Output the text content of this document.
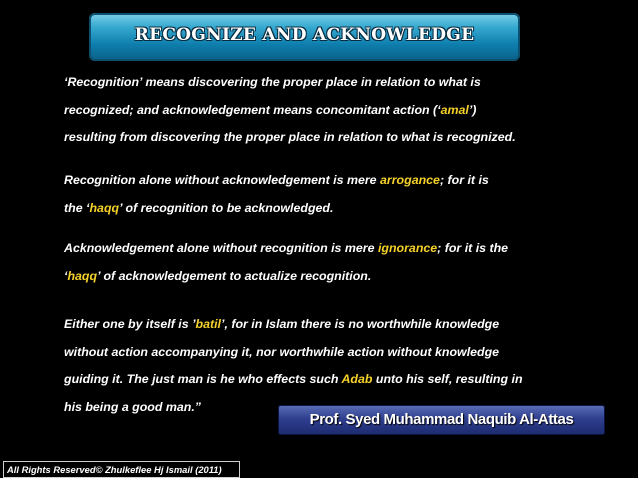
RECOGNIZE AND ACKNOWLEDGE
‘Recognition’ means discovering the proper place in relation to what is
recognized; and acknowledgement means concomitant action (‘amal’)
resulting from discovering the proper place in relation to what is recognized.
Recognition alone without acknowledgement is mere arrogance; for it is
the ‘haqq’ of recognition to be acknowledged.
Acknowledgement alone without recognition is mere ignorance; for it is the
‘haqq’ of acknowledgement to actualize recognition.
Either one by itself is ’batil’, for in Islam there is no worthwhile knowledge
without action accompanying it, nor worthwhile action without knowledge
guiding it. The just man is he who effects such Adab unto his self, resulting in
his being a good man.”
Prof. Syed Muhammad Naquib Al-Attas
All Rights Reserved© Zhulkeflee Hj Ismail (2011)
